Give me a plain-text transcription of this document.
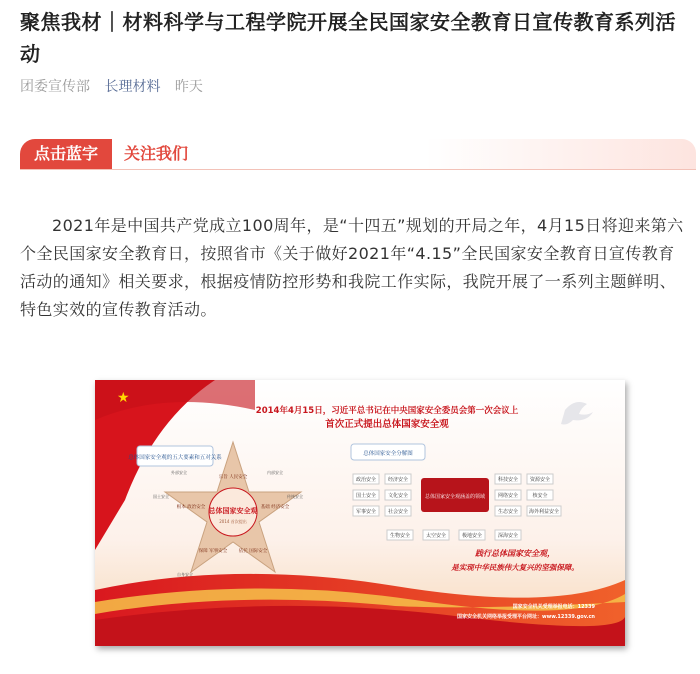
聚焦我材｜材料科学与工程学院开展全民国家安全教育日宣传教育系列活动
团委宣传部 长理材料 昨天
点击蓝字	关注我们
2021年是中国共产党成立100周年，是“十四五”规划的开局之年，4月15日将迎来第六个全民国家安全教育日，按照省市《关于做好2021年“4.15”全民国家安全教育日宣传教育活动的通知》相关要求，根据疫情防控形势和我院工作实际，我院开展了一系列主题鲜明、特色实效的宣传教育活动。
★
2014年4月15日，习近平总书记在中央国家安全委员会第一次会议上
首次正式提出总体国家安全观
总体国家安全观的五大要素和五对关系
总体国家安全观
2014 首次提出
宗旨 人民安全
根本 政治安全	基础 经济安全
保障 军事安全	依托 国际安全
内部安全
外部安全
国土安全	传统安全
自身安全
总体国家安全分解图
政治安全 经济安全
国土安全 文化安全
军事安全 社会安全
总体国家安全观涵盖的领域
科技安全 资源安全
网络安全	核安全
生态安全 海外利益安全
生物安全	太空安全	极地安全	深海安全
践行总体国家安全观，
是实现中华民族伟大复兴的坚强保障。
国家安全机关受理举报电话：12339
国家安全机关网络举报受理平台网址：www.12339.gov.cn
